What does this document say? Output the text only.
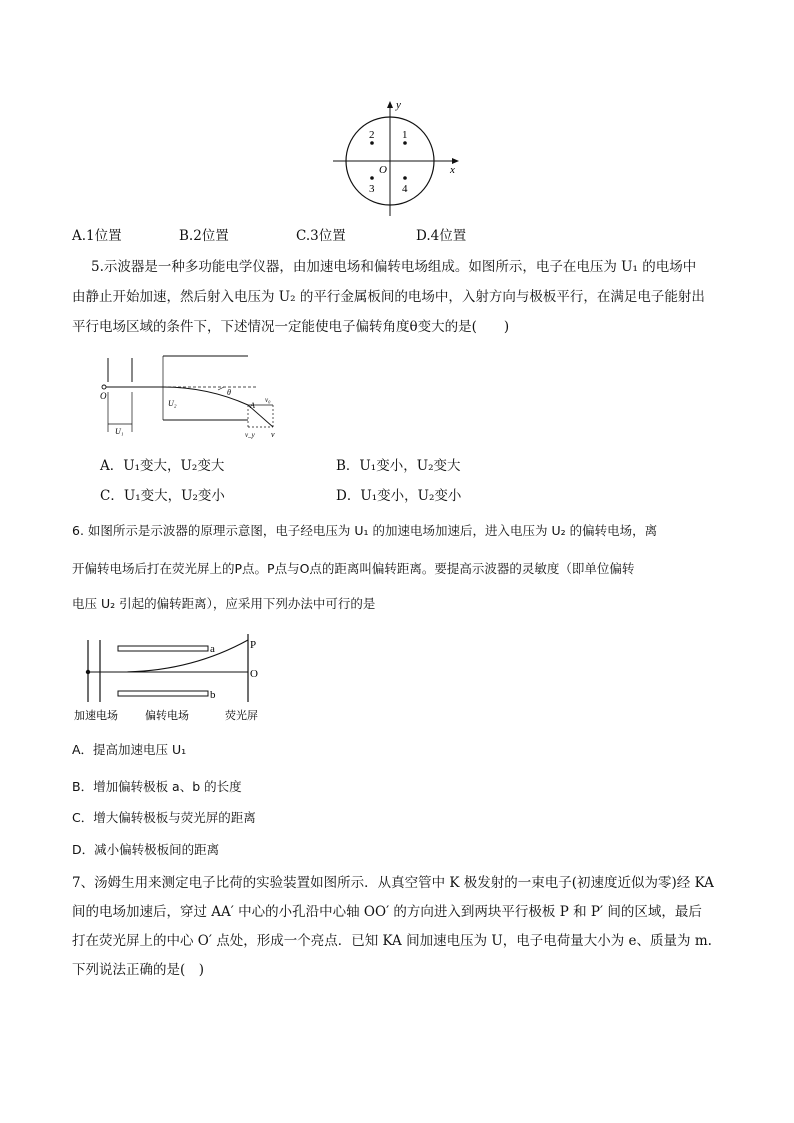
y
x
O
1
2
3	4
A.1位置	B.2位置	C.3位置	D.4位置
5.示波器是一种多功能电学仪器，由加速电场和偏转电场组成。如图所示，电子在电压为 U₁ 的电场中
由静止开始加速，然后射入电压为 U₂ 的平行金属板间的电场中，入射方向与极板平行，在满足电子能射出
平行电场区域的条件下，下述情况一定能使电子偏转角度θ变大的是(　　)
O
U₁
U₂
θ
A
v₀
v_y v
A．U₁变大，U₂变大	B．U₁变小，U₂变大
C．U₁变大，U₂变小	D．U₁变小，U₂变小
6. 如图所示是示波器的原理示意图，电子经电压为 U₁ 的加速电场加速后，进入电压为 U₂ 的偏转电场，离
开偏转电场后打在荧光屏上的P点。P点与O点的距离叫偏转距离。要提高示波器的灵敏度（即单位偏转
电压 U₂ 引起的偏转距离），应采用下列办法中可行的是
a
b
P
O
加速电场 偏转电场	荧光屏
A．提高加速电压 U₁
B．增加偏转极板 a、b 的长度
C．增大偏转极板与荧光屏的距离
D．减小偏转极板间的距离
7、汤姆生用来测定电子比荷的实验装置如图所示．从真空管中 K 极发射的一束电子(初速度近似为零)经 KA
间的电场加速后，穿过 AA′ 中心的小孔沿中心轴 OO′ 的方向进入到两块平行极板 P 和 P′ 间的区域，最后
打在荧光屏上的中心 O′ 点处，形成一个亮点．已知 KA 间加速电压为 U，电子电荷量大小为 e、质量为 m.
下列说法正确的是(　)
